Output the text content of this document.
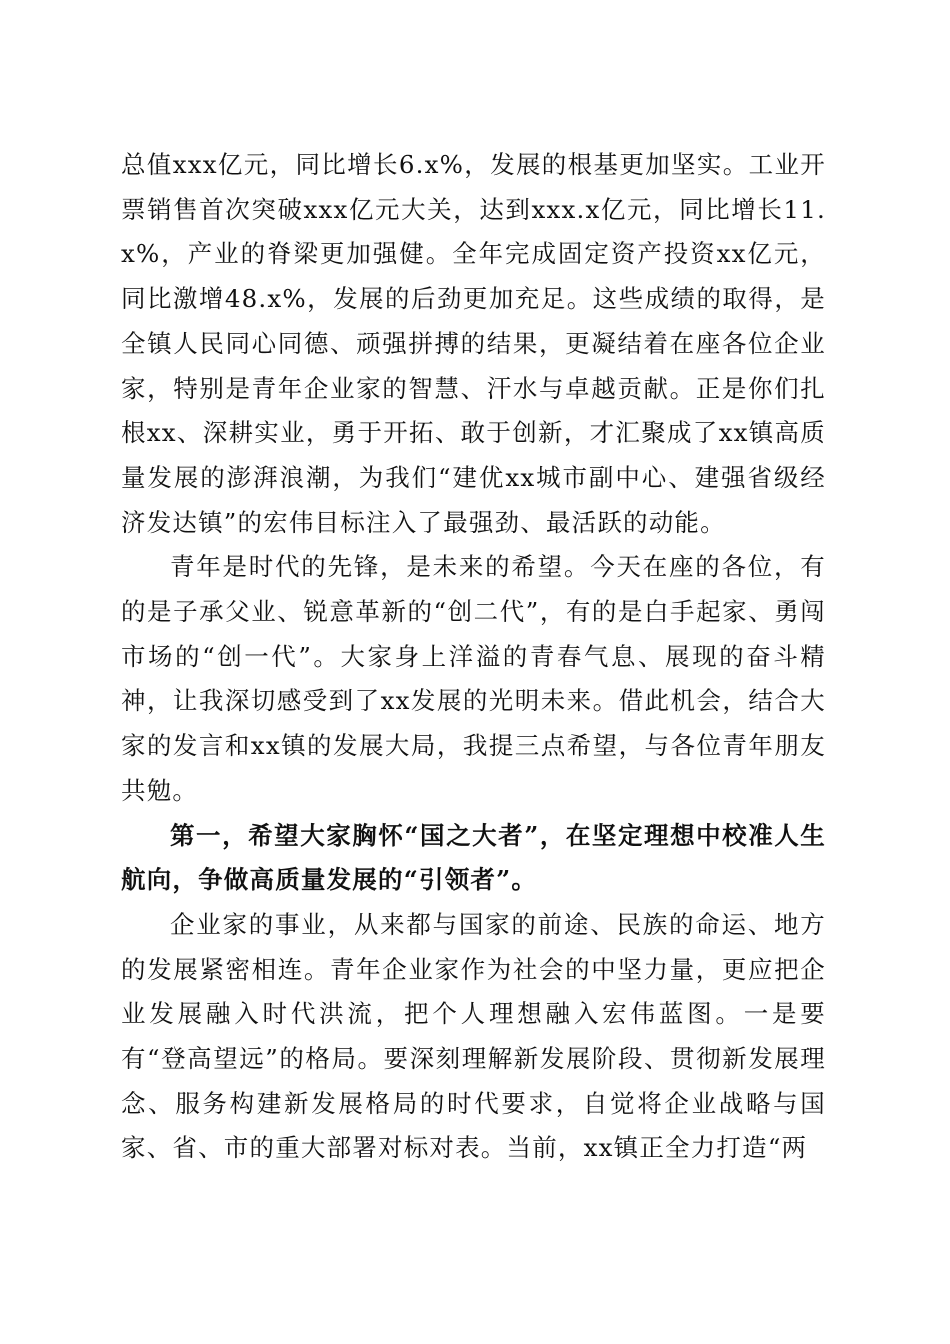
总值xxx亿元，同比增长6.x%，发展的根基更加坚实。工业开票销售首次突破xxx亿元大关，达到xxx.x亿元，同比增长11.x%，产业的脊梁更加强健。全年完成固定资产投资xx亿元，同比激增48.x%，发展的后劲更加充足。这些成绩的取得，是全镇人民同心同德、顽强拼搏的结果，更凝结着在座各位企业家，特别是青年企业家的智慧、汗水与卓越贡献。正是你们扎根xx、深耕实业，勇于开拓、敢于创新，才汇聚成了xx镇高质量发展的澎湃浪潮，为我们“建优xx城市副中心、建强省级经济发达镇”的宏伟目标注入了最强劲、最活跃的动能。

青年是时代的先锋，是未来的希望。今天在座的各位，有的是子承父业、锐意革新的“创二代”，有的是白手起家、勇闯市场的“创一代”。大家身上洋溢的青春气息、展现的奋斗精神，让我深切感受到了xx发展的光明未来。借此机会，结合大家的发言和xx镇的发展大局，我提三点希望，与各位青年朋友共勉。

第一，希望大家胸怀“国之大者”，在坚定理想中校准人生航向，争做高质量发展的“引领者”。

企业家的事业，从来都与国家的前途、民族的命运、地方的发展紧密相连。青年企业家作为社会的中坚力量，更应把企业发展融入时代洪流，把个人理想融入宏伟蓝图。一是要有“登高望远”的格局。要深刻理解新发展阶段、贯彻新发展理念、服务构建新发展格局的时代要求，自觉将企业战略与国家、省、市的重大部署对标对表。当前，xx镇正全力打造“两
